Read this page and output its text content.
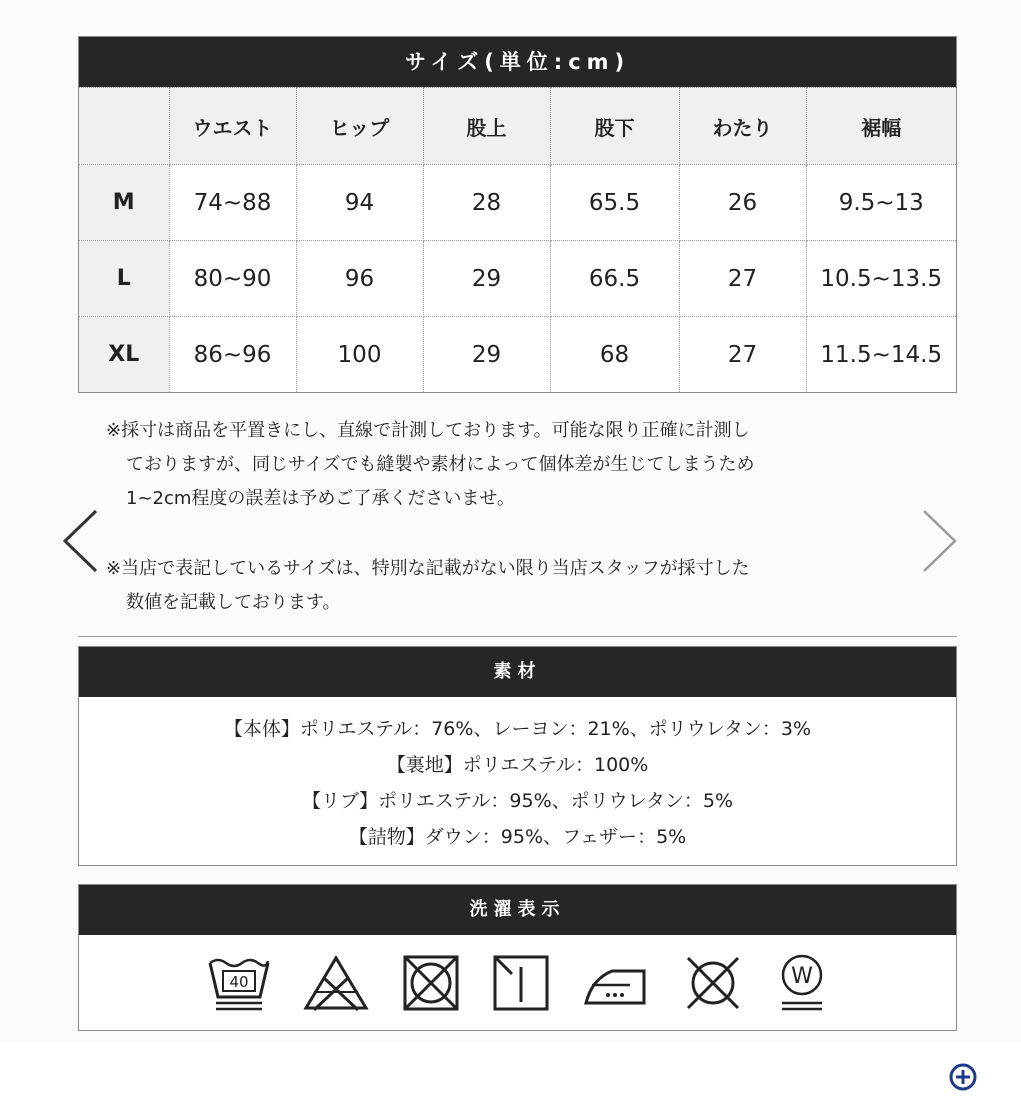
サイズ(単位:cm)
	ウエスト	ヒップ	股上	股下	わたり	裾幅
M	74~88	94	28	65.5	26	9.5~13
L	80~90	96	29	66.5	27	10.5~13.5
XL	86~96	100	29	68	27	11.5~14.5
※採寸は商品を平置きにし、直線で計測しております。可能な限り正確に計測し

ておりますが、同じサイズでも縫製や素材によって個体差が生じてしまうため
1~2cm程度の誤差は予めご了承くださいませ。
※当店で表記しているサイズは、特別な記載がない限り当店スタッフが採寸した

数値を記載しております。
素材
【本体】ポリエステル：76%、レーヨン：21%、ポリウレタン：3%
【裏地】ポリエステル：100%
【リブ】ポリエステル：95%、ポリウレタン：5%
【詰物】ダウン：95%、フェザー：5%
洗濯表示
40	W
